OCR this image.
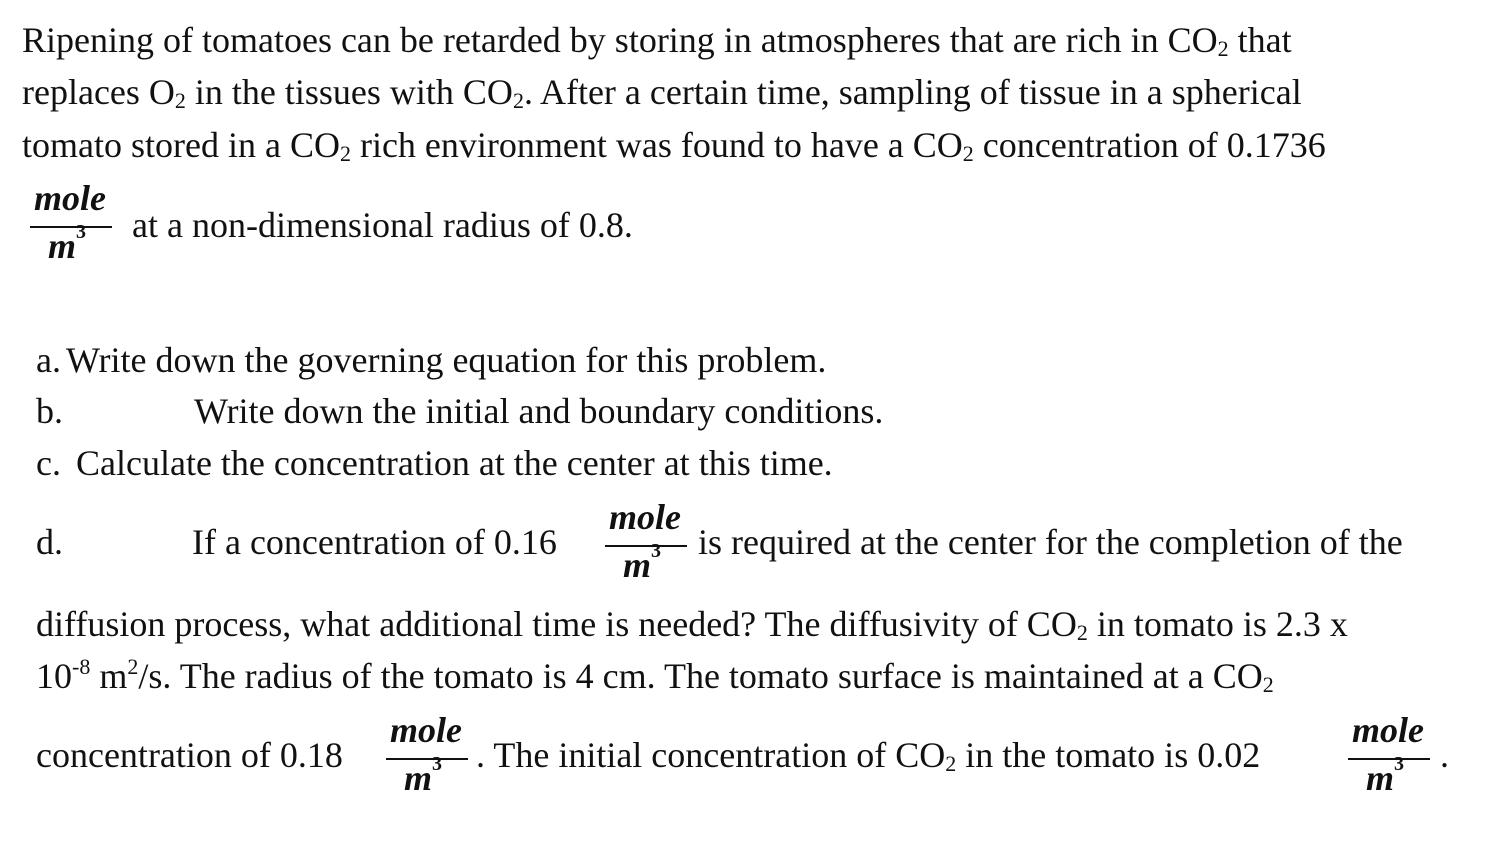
Ripening of tomatoes can be retarded by storing in atmospheres that are rich in $CO_2$ that
replaces $O_2$ in the tissues with $CO_2$. After a certain time, sampling of tissue in a spherical
tomato stored in a $CO_2$ rich environment was found to have a $CO_2$ concentration of 0.1736
mole
$m^3$ at a non-dimensional radius of 0.8.
a. Write down the governing equation for this problem.
b.	Write down the initial and boundary conditions.
c. Calculate the concentration at the center at this time.
d.	If a concentration of 0.16
mole
$m^3$ is required at the center for the completion of the
diffusion process, what additional time is needed? The diffusivity of $CO_2$ in tomato is 2.3 x
$10^{-8}$ $m^2/s$. The radius of the tomato is 4 cm. The tomato surface is maintained at a $CO_2$
concentration of 0.18
mole
$m^3$ . The initial concentration of $CO_2$ in the tomato is 0.02
mole
$m^3$ .
